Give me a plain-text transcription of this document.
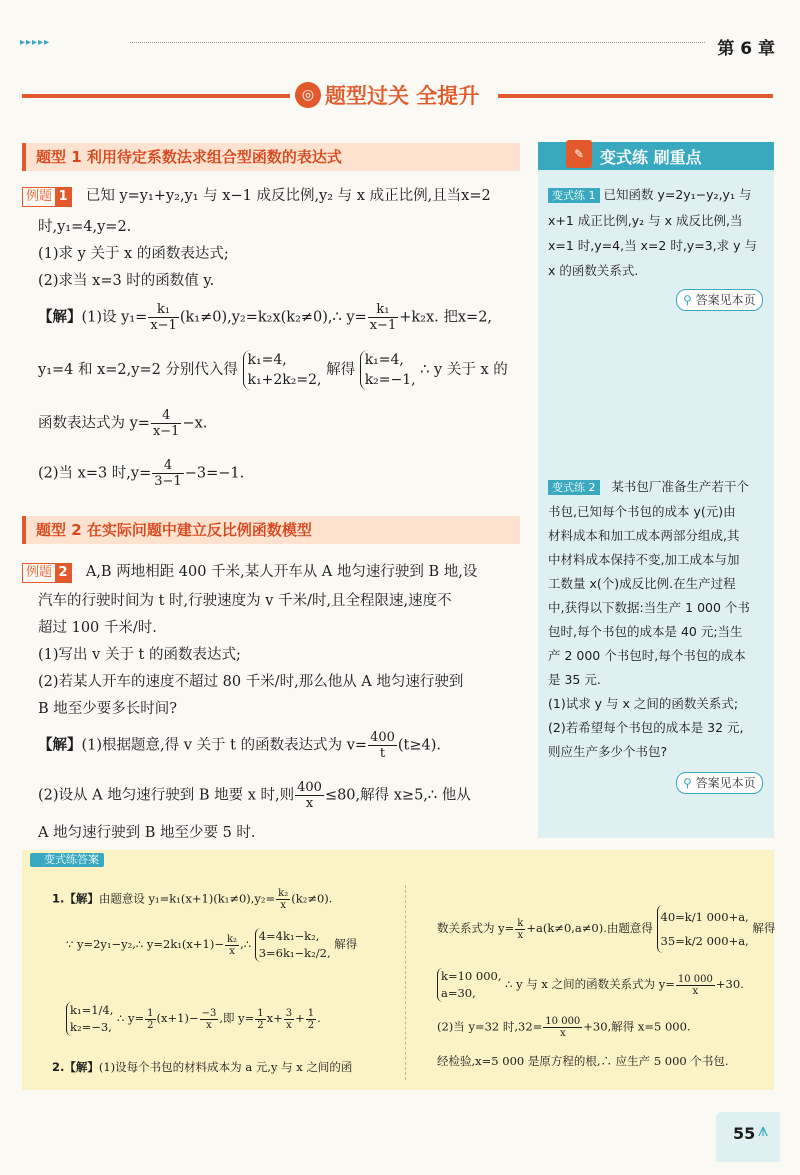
▸▸▸▸▸	第 6 章
◎ 题型过关 全提升
题型 1 利用待定系数法求组合型函数的表达式
例题 1 已知 y=y₁+y₂,y₁ 与 x−1 成反比例,y₂ 与 x 成正比例,且当x=2
时,y₁=4,y=2.
(1)求 y 关于 x 的函数表达式;
(2)求当 x=3 时的函数值 y.
【解】(1)设 $y_1= \frac{\text{k₁}}{x-1}$ (k₁≠0),y₂=k₂x(k₂≠0),∴ $y= \frac{\text{k₁}}{x-1} +k_2x$. 把x=2,
y₁=4 和 x=2,y=2 分别代入得
k₁=4,
k₁+2k₂=2,
解得
k₁=4,
k₂=−1,
∴ y 关于 x 的
函数表达式为 $y= \frac{4}{x-1} -x$.
(2)当 x=3 时$,y= \frac{4}{3-1} -3=-1$.
题型 2 在实际问题中建立反比例函数模型
例题 2 A,B 两地相距 400 千米,某人开车从 A 地匀速行驶到 B 地,设
汽车的行驶时间为 t 时,行驶速度为 v 千米/时,且全程限速,速度不
超过 100 千米/时.
(1)写出 v 关于 t 的函数表达式;
(2)若某人开车的速度不超过 80 千米/时,那么他从 A 地匀速行驶到
B 地至少要多长时间?
【解】(1)根据题意,得 v 关于 t 的函数表达式为 $v= \frac{400}{t} (t\ge 4)$.
(2)设从 A 地匀速行驶到 B 地要 x 时,则 $\frac{400}{x} \le 80$,解得 x≥5,∴ 他从
A 地匀速行驶到 B 地至少要 5 时.
✎ 变式练 刷重点
变式练 1 已知函数 y=2y₁−y₂,y₁ 与
x+1 成正比例,y₂ 与 x 成反比例,当
x=1 时,y=4,当 x=2 时,y=3,求 y 与
x 的函数关系式.
⚲ 答案见本页
变式练 2 某书包厂准备生产若干个
书包,已知每个书包的成本 y(元)由
材料成本和加工成本两部分组成,其
中材料成本保持不变,加工成本与加
工数量 x(个)成反比例.在生产过程
中,获得以下数据:当生产 1 000 个书
包时,每个书包的成本是 40 元;当生
产 2 000 个书包时,每个书包的成本
是 35 元.
(1)试求 y 与 x 之间的函数关系式;
(2)若希望每个书包的成本是 32 元,
则应生产多少个书包?
⚲ 答案见本页
变式练答案
1.【解】由题意设 $y_1=k_1(x+1)(k_1\ne 0),y_2= \frac{\text{k₂}}{x} (k_2\ne 0)$.
∵ y=2y₁−y₂,∴ $y=2k_1(x+1)- \frac{\text{k₂}}{x}$ ,∴
4=4k₁−k₂,
3=6k₁−k₂/2,
解得
k₁=1/4,
k₂=−3,
∴ $y= \frac{1}{2} (x+1)- \frac{-3}{x}$ ,即 $y= \frac{1}{2} x+ \frac{3}{x} + \frac{1}{2}$ .
2.【解】(1)设每个书包的材料成本为 a 元,y 与 x 之间的函
数关系式为 $y= \frac{k}{x} +a(k\ne 0,a\ne 0)$.由题意得
40=k/1 000+a,
35=k/2 000+a,
解得
k=10 000,
a=30,
∴ y 与 x 之间的函数关系式为 $y= \frac{10 000}{x} +30$.
(2)当 y=32 时$,32= \frac{10 000}{x} +30$,解得 x=5 000.
经检验,x=5 000 是原方程的根,∴ 应生产 5 000 个书包.
55 ⩚
